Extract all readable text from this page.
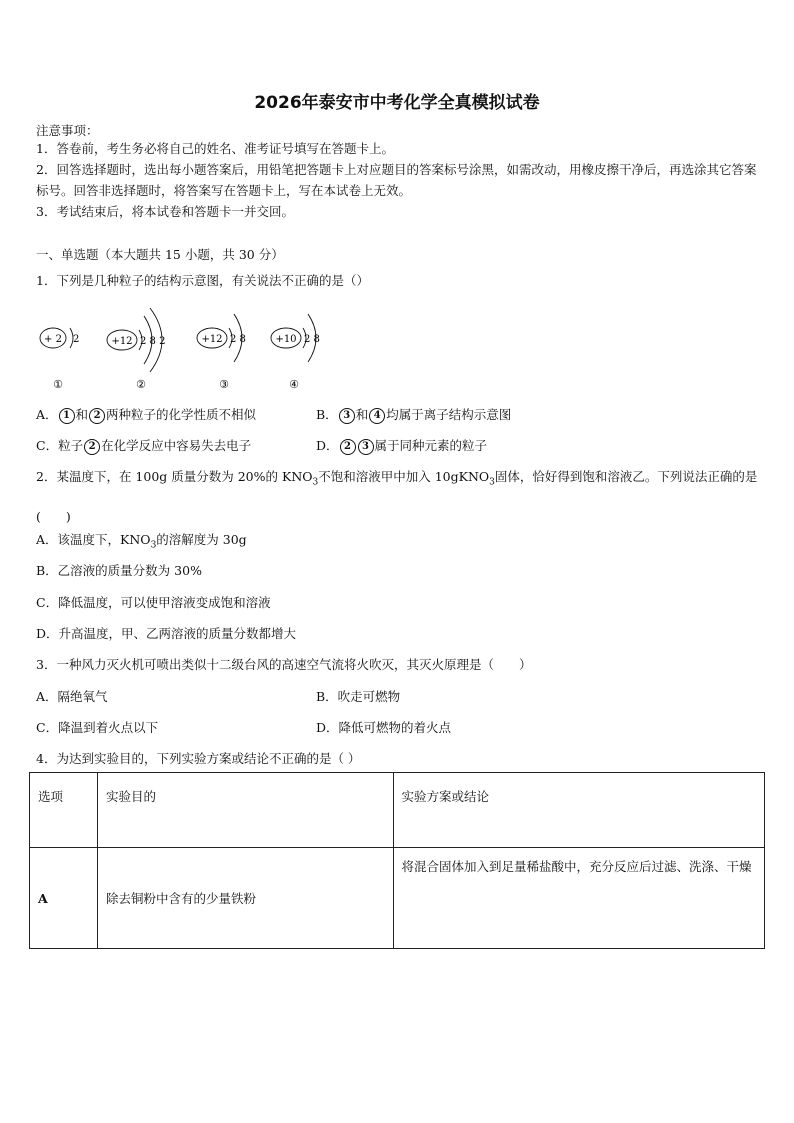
2026年泰安市中考化学全真模拟试卷
注意事项：
1．答卷前，考生务必将自己的姓名、准考证号填写在答题卡上。
2．回答选择题时，选出每小题答案后，用铅笔把答题卡上对应题目的答案标号涂黑，如需改动，用橡皮擦干净后，再选涂其它答案标号。回答非选择题时，将答案写在答题卡上，写在本试卷上无效。
3．考试结束后，将本试卷和答题卡一并交回。
一、单选题（本大题共 15 小题，共 30 分）
1．下列是几种粒子的结构示意图，有关说法不正确的是（）
+ 2 2
①
+12 2 8 2
②
+12 2 8
③
+10 2 8
④
A． 1 和 2 两种粒子的化学性质不相似	B． 3 和 4 均属于离子结构示意图
C．粒子 2 在化学反应中容易失去电子	D． 2 3 属于同种元素的粒子
2．某温度下，在 100g 质量分数为 20%的 $KNO_3$不饱和溶液甲中加入 10gKNO$_3$固体，恰好得到饱和溶液乙。下列说法正确的是(　　)
A．该温度下，$KNO_3$的溶解度为 30g
B．乙溶液的质量分数为 30%
C．降低温度，可以使甲溶液变成饱和溶液
D．升高温度，甲、乙两溶液的质量分数都增大
3．一种风力灭火机可喷出类似十二级台风的高速空气流将火吹灭，其灭火原理是（　　）
A．隔绝氧气	B．吹走可燃物
C．降温到着火点以下	D．降低可燃物的着火点
4．为达到实验目的，下列实验方案或结论不正确的是（ ）
选项	实验目的	实验方案或结论
A	除去铜粉中含有的少量铁粉	将混合固体加入到足量稀盐酸中，充分反应后过滤、洗涤、干燥
